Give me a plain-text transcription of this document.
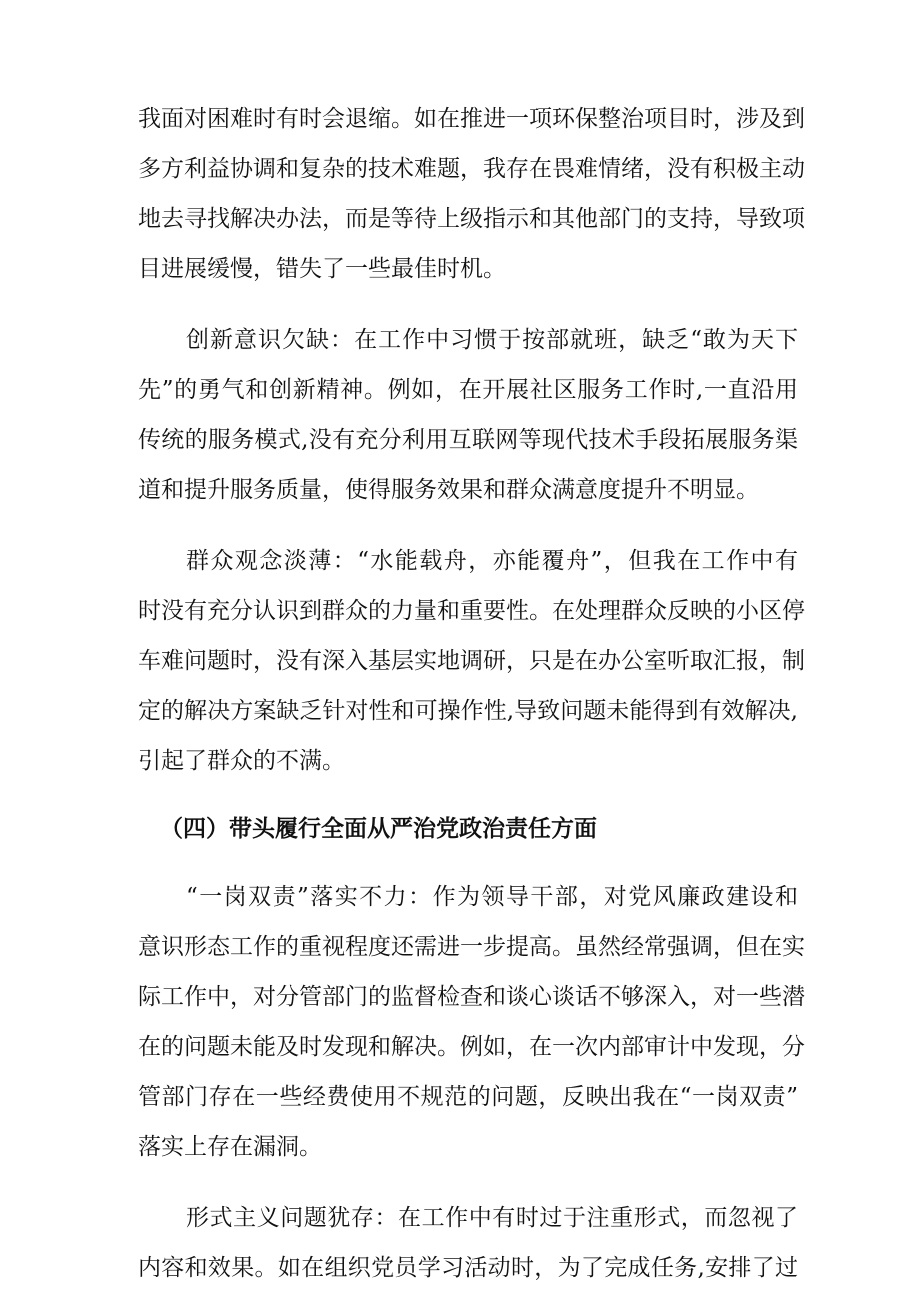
我面对困难时有时会退缩。如在推进一项环保整治项目时，涉及到
多方利益协调和复杂的技术难题，我存在畏难情绪，没有积极主动
地去寻找解决办法，而是等待上级指示和其他部门的支持，导致项
目进展缓慢，错失了一些最佳时机。
创新意识欠缺：在工作中习惯于按部就班，缺乏“敢为天下
先”的勇气和创新精神。例如，在开展社区服务工作时,一直沿用
传统的服务模式,没有充分利用互联网等现代技术手段拓展服务渠
道和提升服务质量，使得服务效果和群众满意度提升不明显。
群众观念淡薄：“水能载舟，亦能覆舟”，但我在工作中有
时没有充分认识到群众的力量和重要性。在处理群众反映的小区停
车难问题时，没有深入基层实地调研，只是在办公室听取汇报，制
定的解决方案缺乏针对性和可操作性,导致问题未能得到有效解决,
引起了群众的不满。
（四）带头履行全面从严治党政治责任方面
“一岗双责”落实不力：作为领导干部，对党风廉政建设和
意识形态工作的重视程度还需进一步提高。虽然经常强调，但在实
际工作中，对分管部门的监督检查和谈心谈话不够深入，对一些潜
在的问题未能及时发现和解决。例如，在一次内部审计中发现，分
管部门存在一些经费使用不规范的问题，反映出我在“一岗双责”
落实上存在漏洞。
形式主义问题犹存：在工作中有时过于注重形式，而忽视了
内容和效果。如在组织党员学习活动时，为了完成任务,安排了过
